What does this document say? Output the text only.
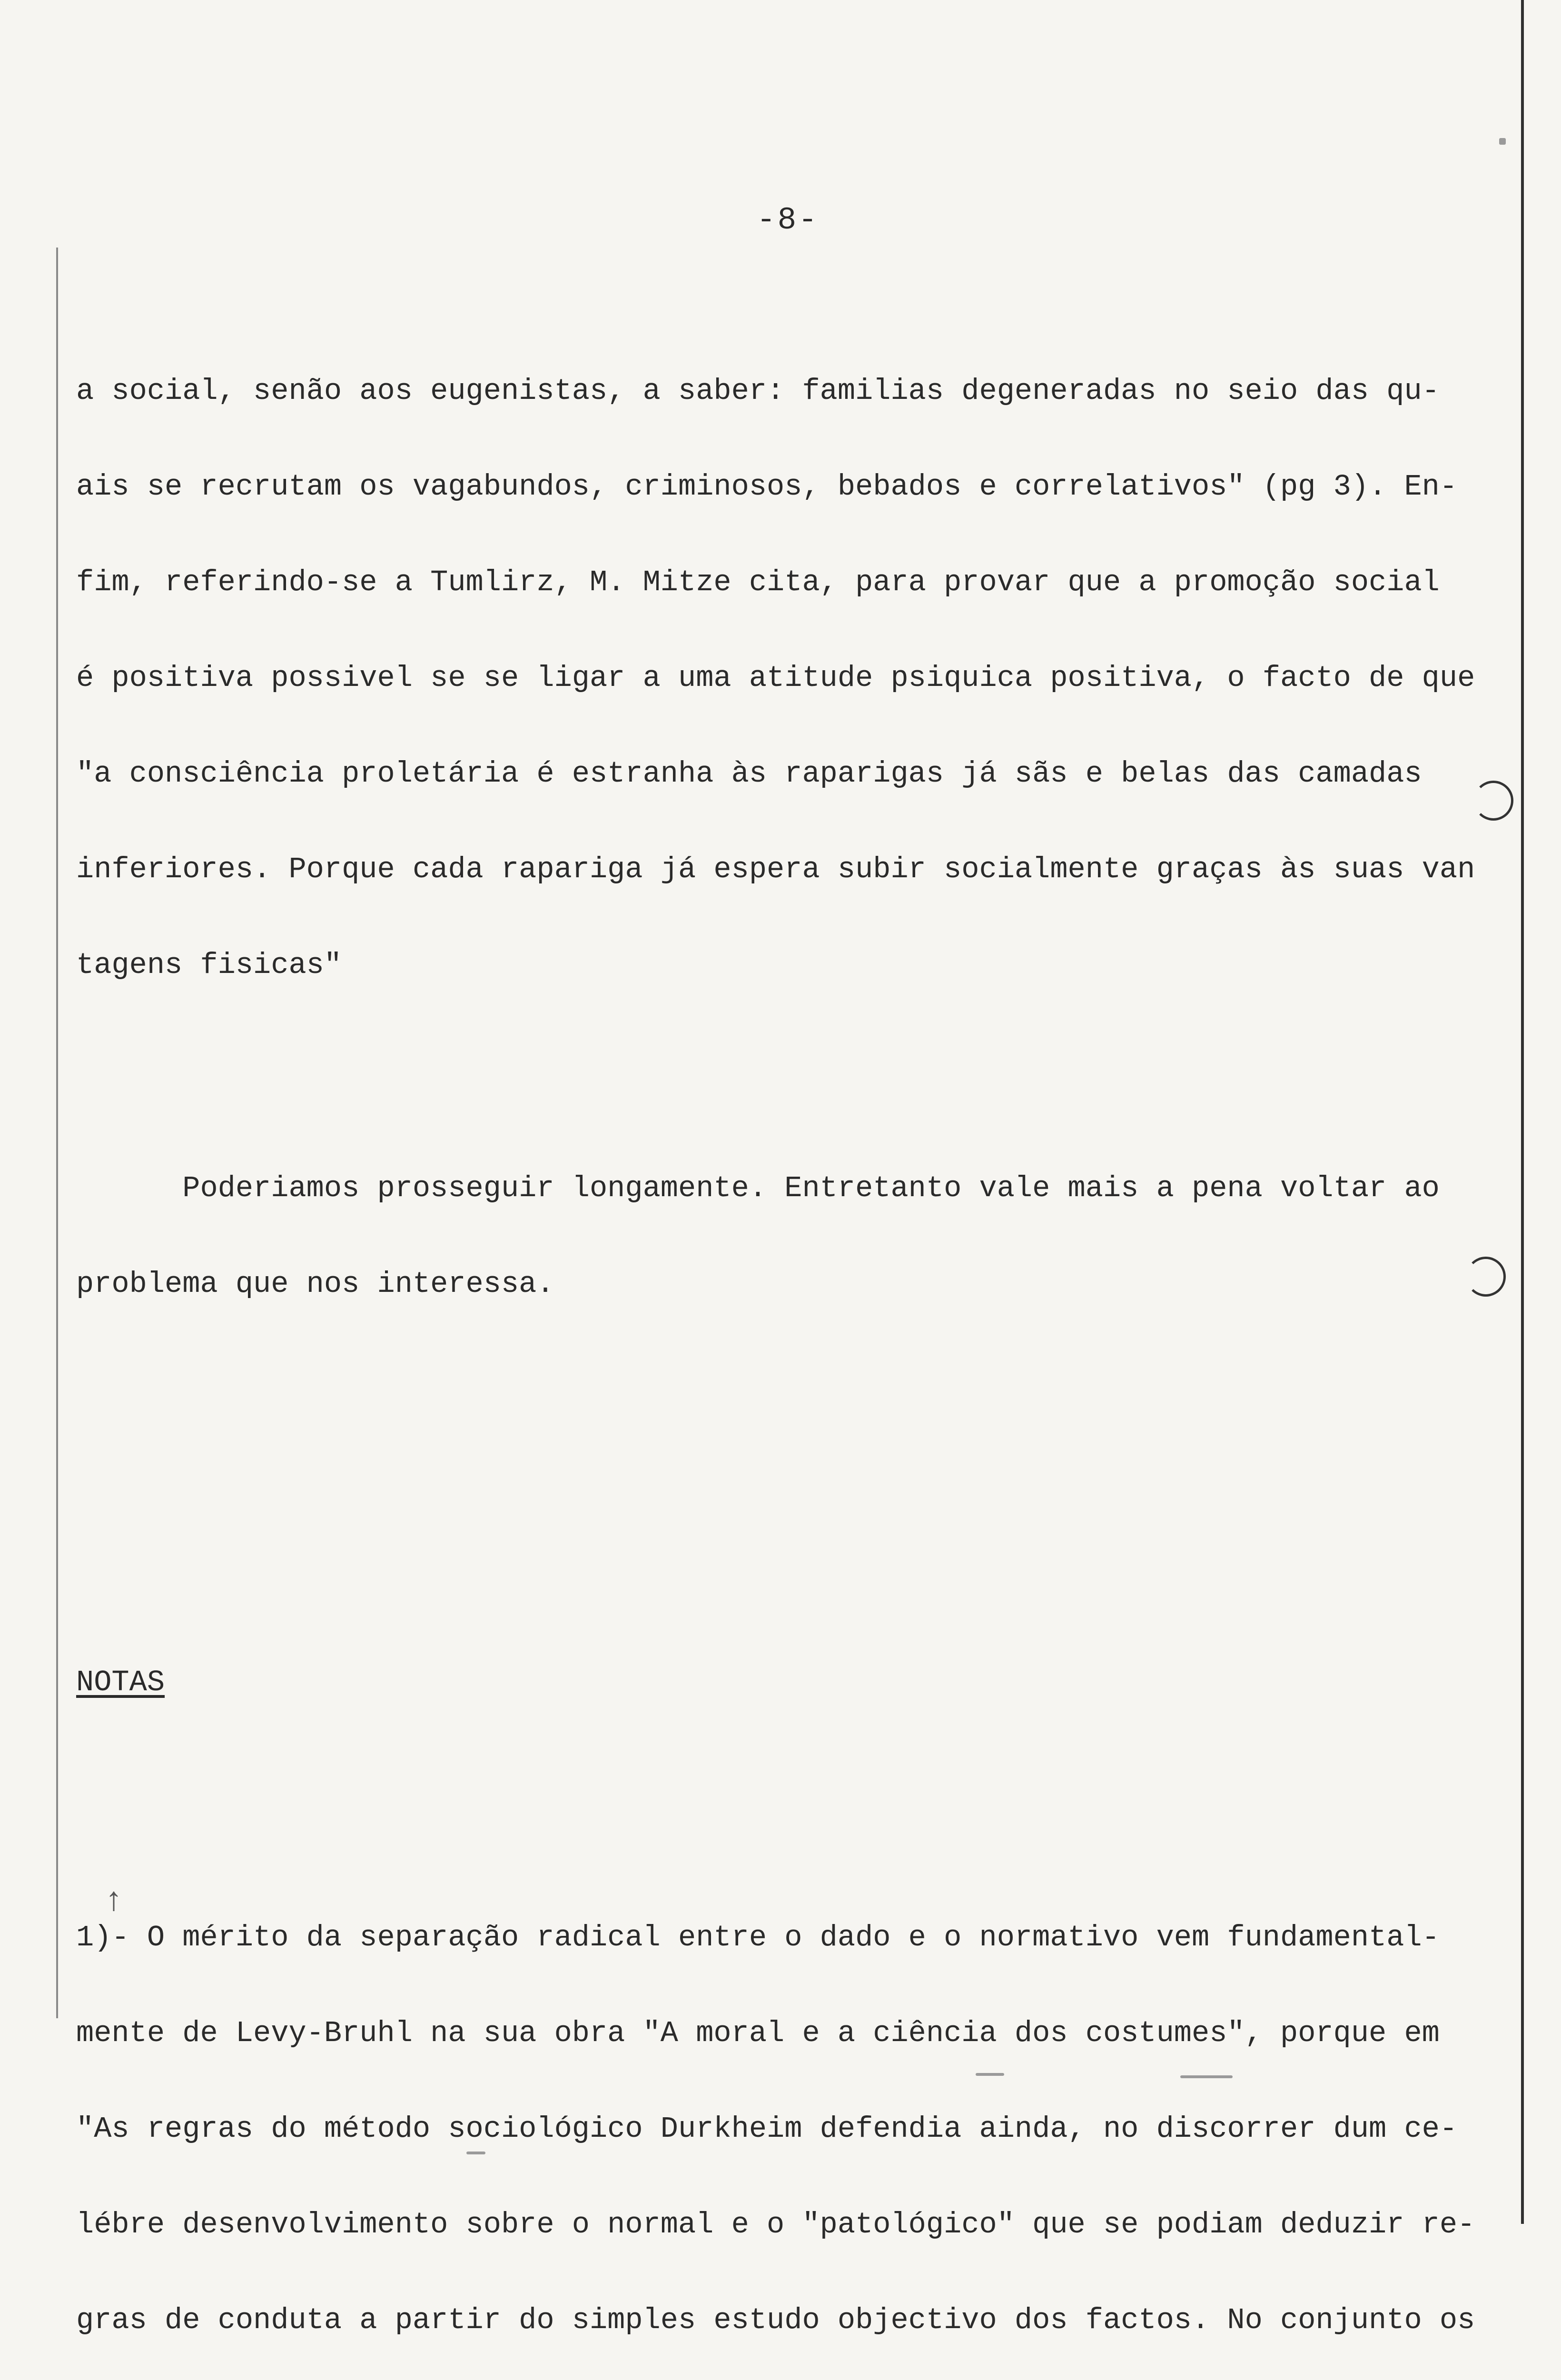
-8-

a social, senão aos eugenistas, a saber: familias degeneradas no seio das qu-

ais se recrutam os vagabundos, criminosos, bebados e correlativos" (pg 3). En-

fim, referindo-se a Tumlirz, M. Mitze cita, para provar que a promoção social

é positiva possivel se se ligar a uma atitude psiquica positiva, o facto de que

"a consciência proletária é estranha às raparigas já sãs e belas das camadas

inferiores. Porque cada rapariga já espera subir socialmente graças às suas van

tagens fisicas"

Poderiamos prosseguir longamente. Entretanto vale mais a pena voltar ao

problema que nos interessa.

NOTAS

1)- O mérito da separação radical entre o dado e o normativo vem fundamental-

mente de Levy-Bruhl na sua obra "A moral e a ciência dos costumes", porque em

"As regras do método sociológico Durkheim defendia ainda, no discorrer dum ce-

lébre desenvolvimento sobre o normal e o "patológico" que se podiam deduzir re-

gras de conduta a partir do simples estudo objectivo dos factos. No conjunto os

↑
